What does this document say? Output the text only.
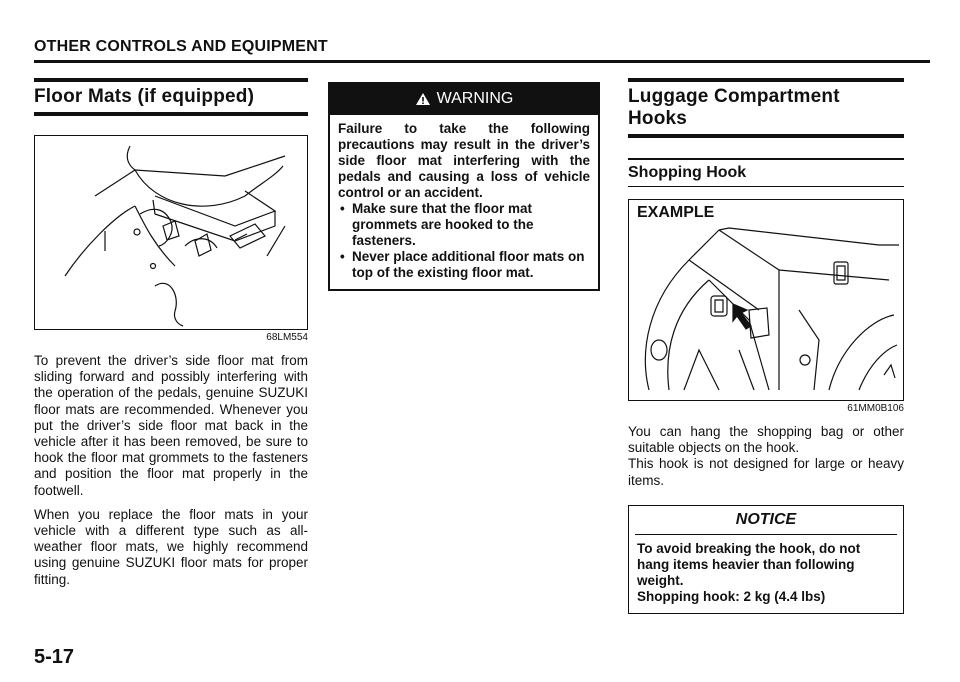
OTHER CONTROLS AND EQUIPMENT
Floor Mats (if equipped)
68LM554

To prevent the driver’s side floor mat from sliding forward and possibly interfering with the operation of the pedals, genuine SUZUKI floor mats are recommended. Whenever you put the driver’s side floor mat back in the vehicle after it has been removed, be sure to hook the floor mat grommets to the fasteners and position the floor mat properly in the footwell.

When you replace the floor mats in your vehicle with a different type such as all-weather floor mats, we highly recommend using genuine SUZUKI floor mats for proper fitting.

WARNING
Failure to take the following precautions may result in the driver’s side floor mat interfering with the pedals and causing a loss of vehicle control or an accident.
• Make sure that the floor mat grommets are hooked to the fasteners.
• Never place additional floor mats on top of the existing floor mat.
Luggage Compartment Hooks
Shopping Hook
EXAMPLE
61MM0B106

You can hang the shopping bag or other suitable objects on the hook.

This hook is not designed for large or heavy items.

NOTICE
To avoid breaking the hook, do not hang items heavier than following weight.
Shopping hook: 2 kg (4.4 lbs)
5-17
